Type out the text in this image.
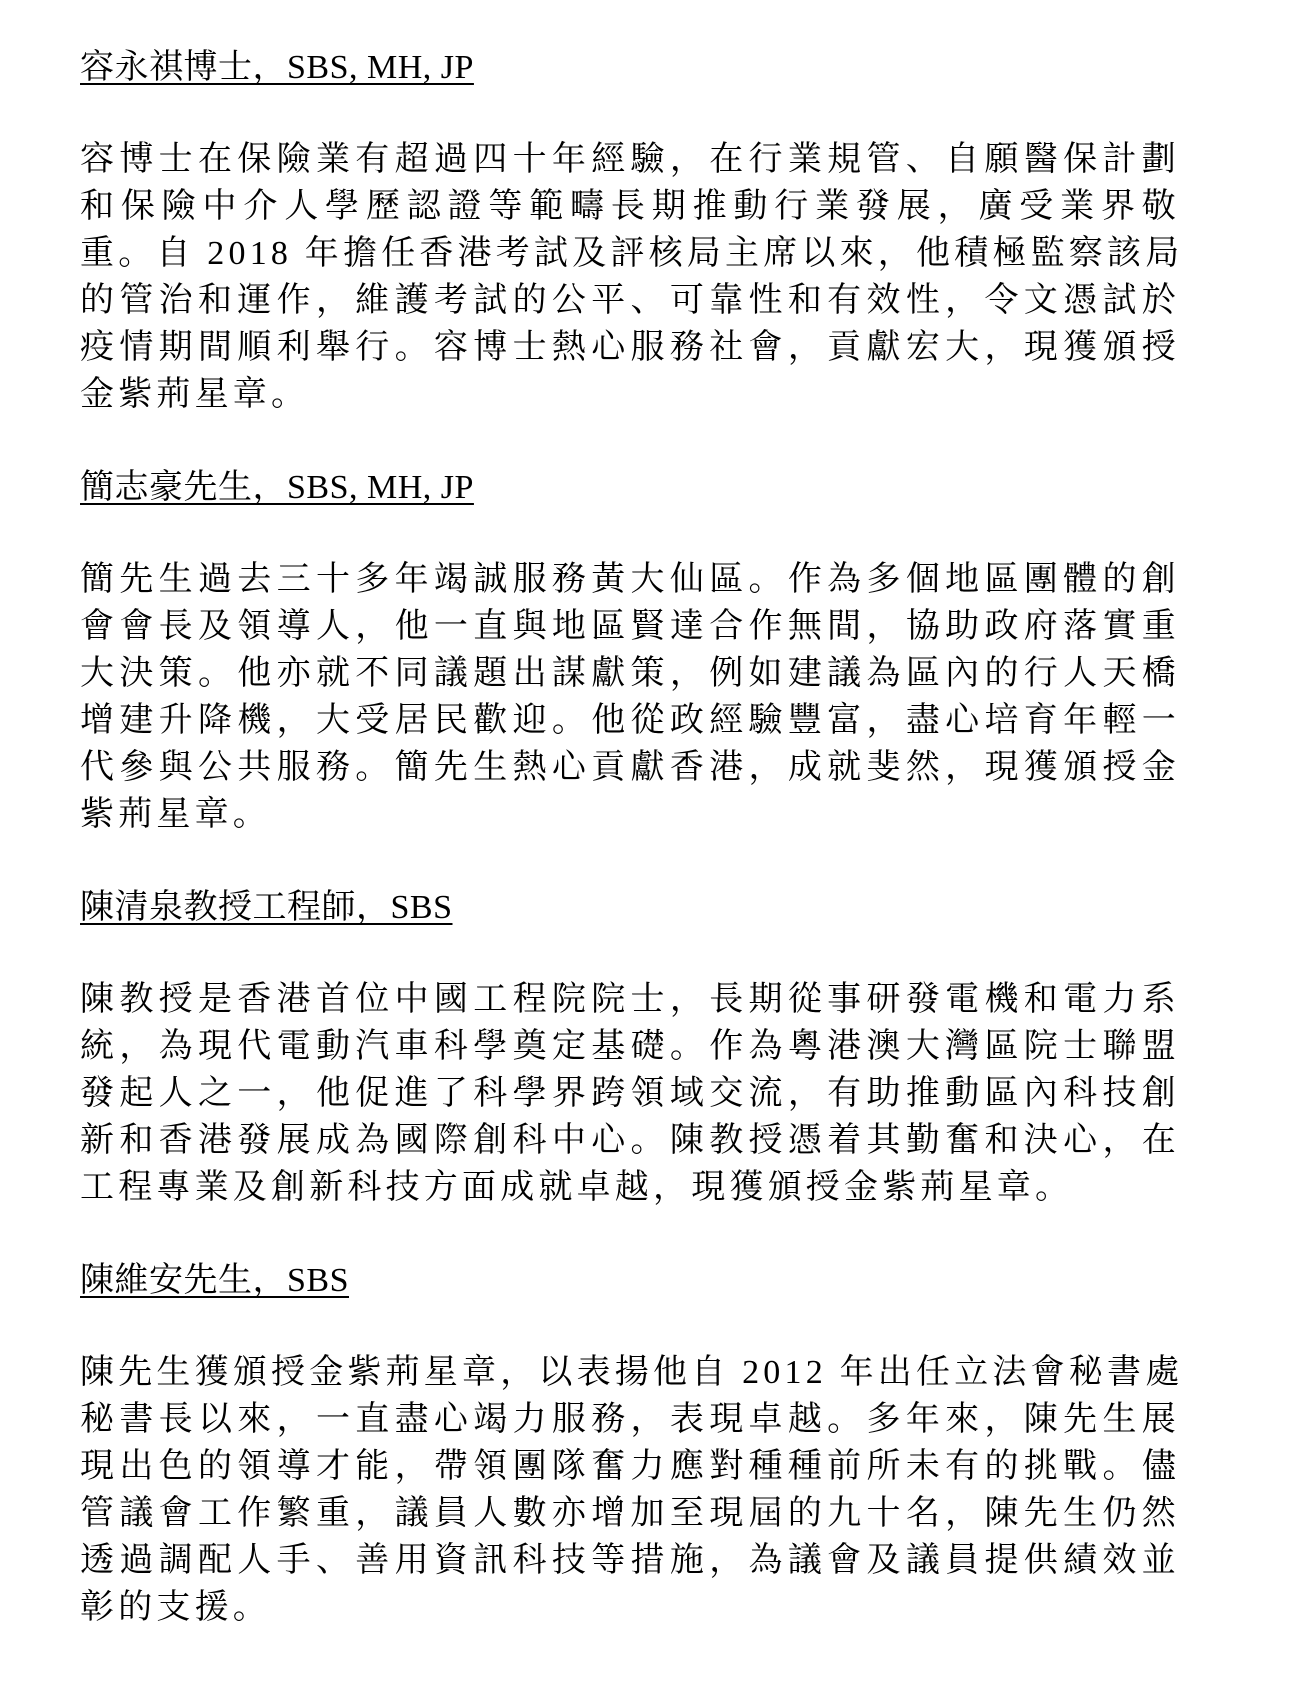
容永祺博士，SBS, MH, JP

容博士在保險業有超過四十年經驗，在行業規管、自願醫保計劃
和保險中介人學歷認證等範疇長期推動行業發展，廣受業界敬
重。自 2018 年擔任香港考試及評核局主席以來，他積極監察該局
的管治和運作，維護考試的公平、可靠性和有效性，令文憑試於
疫情期間順利舉行。容博士熱心服務社會，貢獻宏大，現獲頒授
金紫荊星章。

簡志豪先生，SBS, MH, JP

簡先生過去三十多年竭誠服務黃大仙區。作為多個地區團體的創
會會長及領導人，他一直與地區賢達合作無間，協助政府落實重
大決策。他亦就不同議題出謀獻策，例如建議為區內的行人天橋
增建升降機，大受居民歡迎。他從政經驗豐富，盡心培育年輕一
代參與公共服務。簡先生熱心貢獻香港，成就斐然，現獲頒授金
紫荊星章。

陳清泉教授工程師，SBS

陳教授是香港首位中國工程院院士，長期從事研發電機和電力系
統，為現代電動汽車科學奠定基礎。作為粵港澳大灣區院士聯盟
發起人之一，他促進了科學界跨領域交流，有助推動區內科技創
新和香港發展成為國際創科中心。陳教授憑着其勤奮和決心，在
工程專業及創新科技方面成就卓越，現獲頒授金紫荊星章。

陳維安先生，SBS

陳先生獲頒授金紫荊星章，以表揚他自 2012 年出任立法會秘書處
秘書長以來，一直盡心竭力服務，表現卓越。多年來，陳先生展
現出色的領導才能，帶領團隊奮力應對種種前所未有的挑戰。儘
管議會工作繁重，議員人數亦增加至現屆的九十名，陳先生仍然
透過調配人手、善用資訊科技等措施，為議會及議員提供績效並
彰的支援。
